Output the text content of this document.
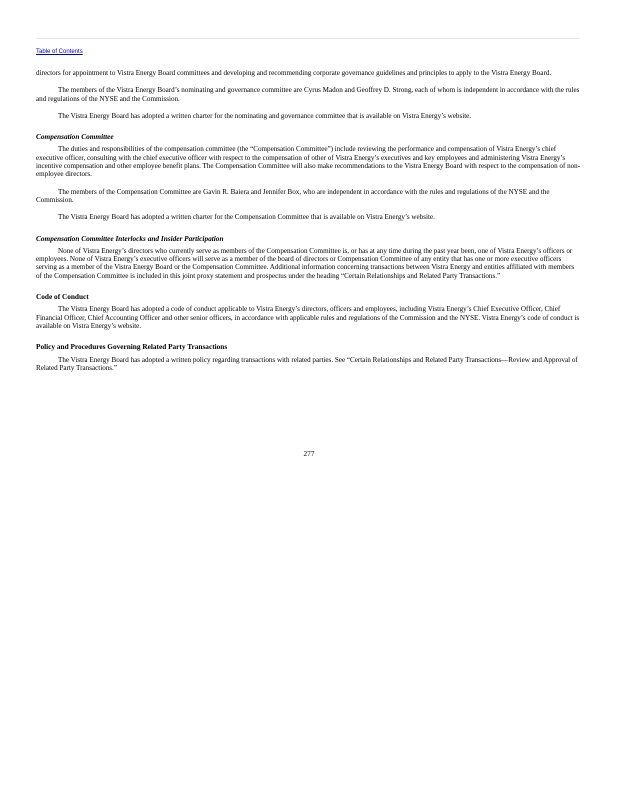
Table of Contents

directors for appointment to Vistra Energy Board committees and developing and recommending corporate governance guidelines and principles to apply to the Vistra Energy Board.

The members of the Vistra Energy Board’s nominating and governance committee are Cyrus Madon and Geoffrey D. Strong, each of whom is independent in accordance with the rules and regulations of the NYSE and the Commission.

The Vistra Energy Board has adopted a written charter for the nominating and governance committee that is available on Vistra Energy’s website.

Compensation Committee

The duties and responsibilities of the compensation committee (the “Compensation Committee”) include reviewing the performance and compensation of Vistra Energy’s chief executive officer, consulting with the chief executive officer with respect to the compensation of other of Vistra Energy’s executives and key employees and administering Vistra Energy’s incentive compensation and other employee benefit plans. The Compensation Committee will also make recommendations to the Vistra Energy Board with respect to the compensation of non-employee directors.

The members of the Compensation Committee are Gavin R. Baiera and Jennifer Box, who are independent in accordance with the rules and regulations of the NYSE and the Commission.

The Vistra Energy Board has adopted a written charter for the Compensation Committee that is available on Vistra Energy’s website.

Compensation Committee Interlocks and Insider Participation

None of Vistra Energy’s directors who currently serve as members of the Compensation Committee is, or has at any time during the past year been, one of Vistra Energy’s officers or employees. None of Vistra Energy’s executive officers will serve as a member of the board of directors or Compensation Committee of any entity that has one or more executive officers serving as a member of the Vistra Energy Board or the Compensation Committee. Additional information concerning transactions between Vistra Energy and entities affiliated with members of the Compensation Committee is included in this joint proxy statement and prospectus under the heading “Certain Relationships and Related Party Transactions.”

Code of Conduct

The Vistra Energy Board has adopted a code of conduct applicable to Vistra Energy’s directors, officers and employees, including Vistra Energy’s Chief Executive Officer, Chief Financial Officer, Chief Accounting Officer and other senior officers, in accordance with applicable rules and regulations of the Commission and the NYSE. Vistra Energy’s code of conduct is available on Vistra Energy’s website.

Policy and Procedures Governing Related Party Transactions

The Vistra Energy Board has adopted a written policy regarding transactions with related parties. See “Certain Relationships and Related Party Transactions—Review and Approval of Related Party Transactions.”

277
